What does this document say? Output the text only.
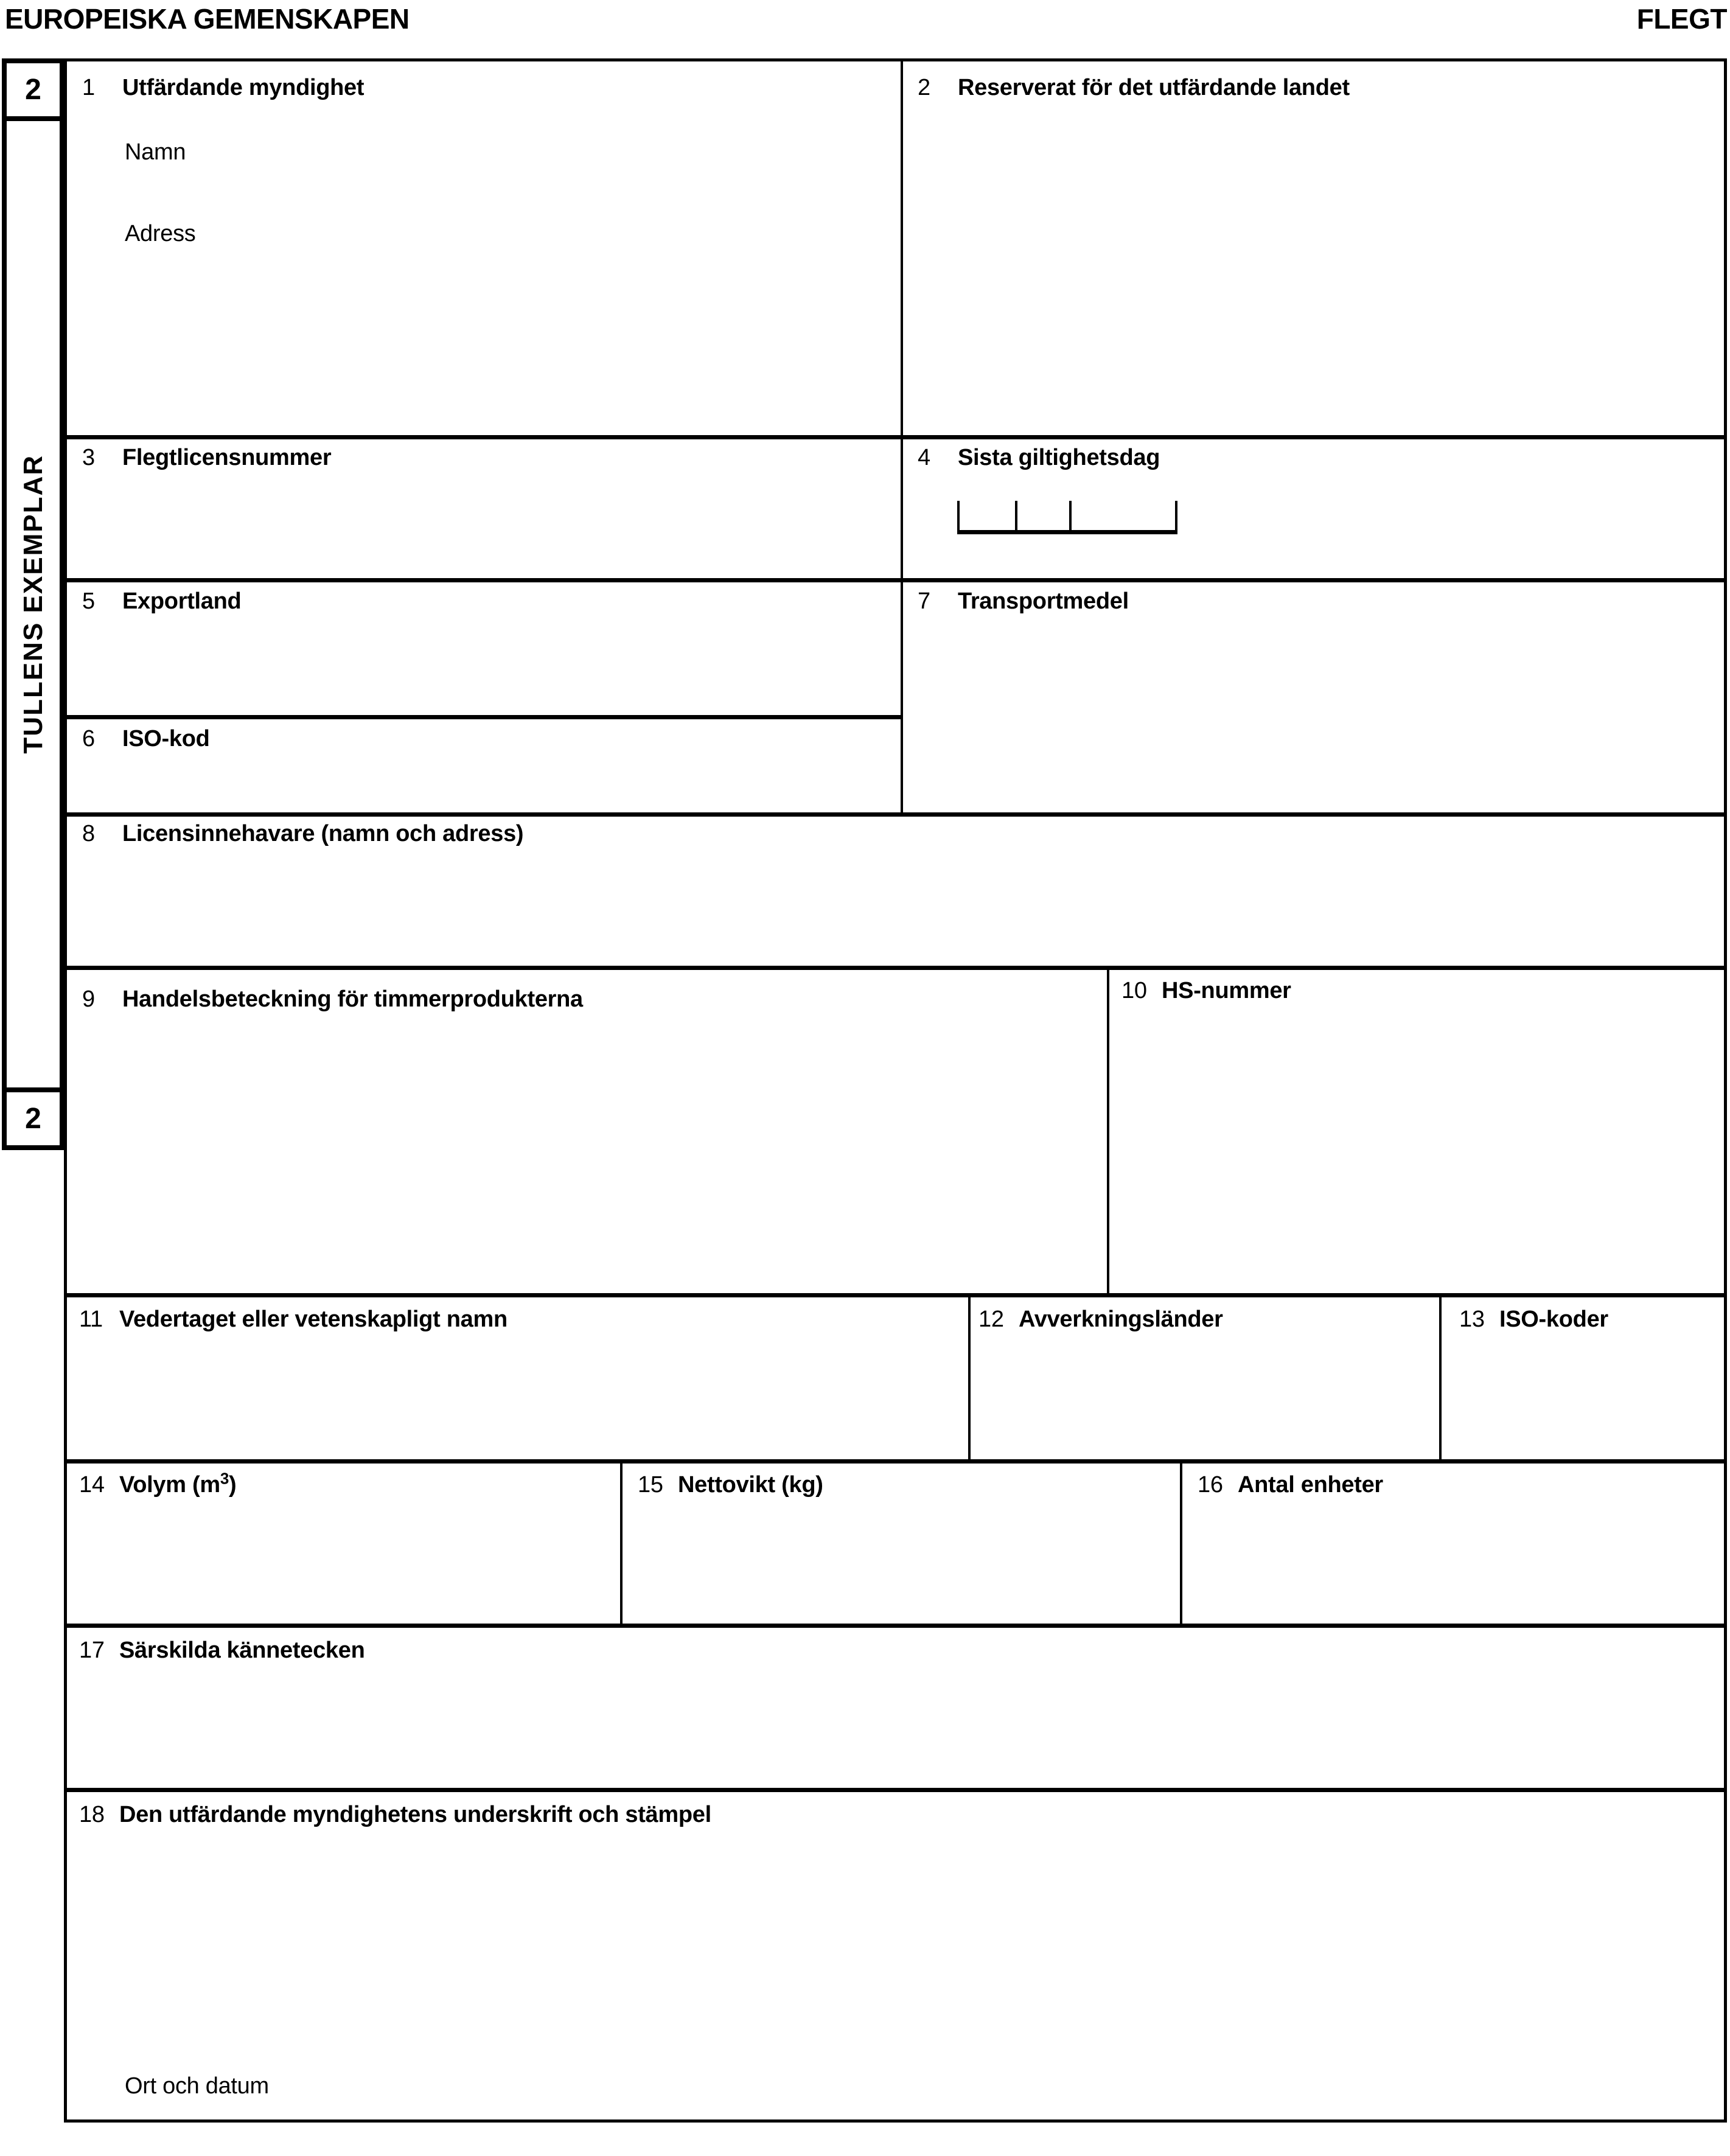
EUROPEISKA GEMENSKAPEN	FLEGT
2
TULLENS EXEMPLAR
2
1	Utfärdande myndighet
Namn
Adress
2	Reserverat för det utfärdande landet
3	Flegtlicensnummer	4	Sista giltighetsdag
5	Exportland	7	Transportmedel
6	ISO-kod
8	Licensinnehavare (namn och adress)
9	Handelsbeteckning för timmerprodukterna	10 HS-nummer
11 Vedertaget eller vetenskapligt namn	12 Avverkningsländer	13 ISO-koder
14 Volym $(m^3)$	15 Nettovikt (kg)	16 Antal enheter
17 Särskilda kännetecken
18 Den utfärdande myndighetens underskrift och stämpel
Ort och datum
